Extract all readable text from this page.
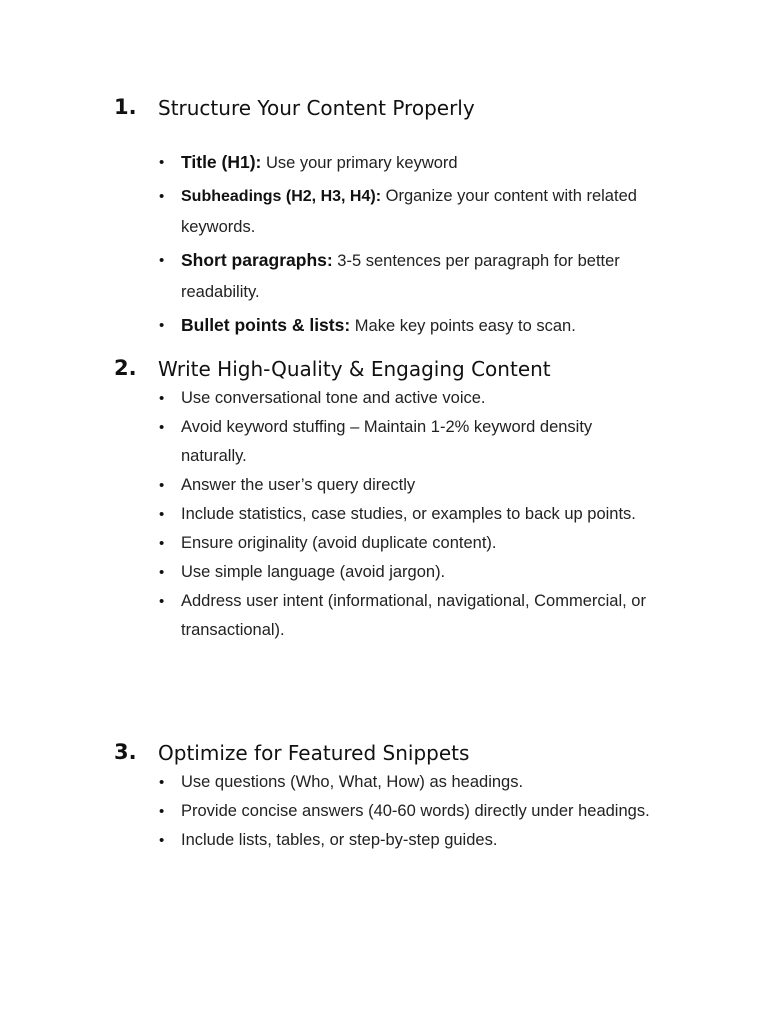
1. Structure Your Content Properly
• Title (H1): Use your primary keyword
• Subheadings (H2, H3, H4): Organize your content with related keywords.
• Short paragraphs: 3-5 sentences per paragraph for better readability.
• Bullet points & lists: Make key points easy to scan.
2. Write High-Quality & Engaging Content
• Use conversational tone and active voice.
• Avoid keyword stuffing – Maintain 1-2% keyword density naturally.
• Answer the user’s query directly
• Include statistics, case studies, or examples to back up points.
• Ensure originality (avoid duplicate content).
• Use simple language (avoid jargon).
• Address user intent (informational, navigational, Commercial, or transactional).
3. Optimize for Featured Snippets
• Use questions (Who, What, How) as headings.
• Provide concise answers (40-60 words) directly under headings.
• Include lists, tables, or step-by-step guides.
